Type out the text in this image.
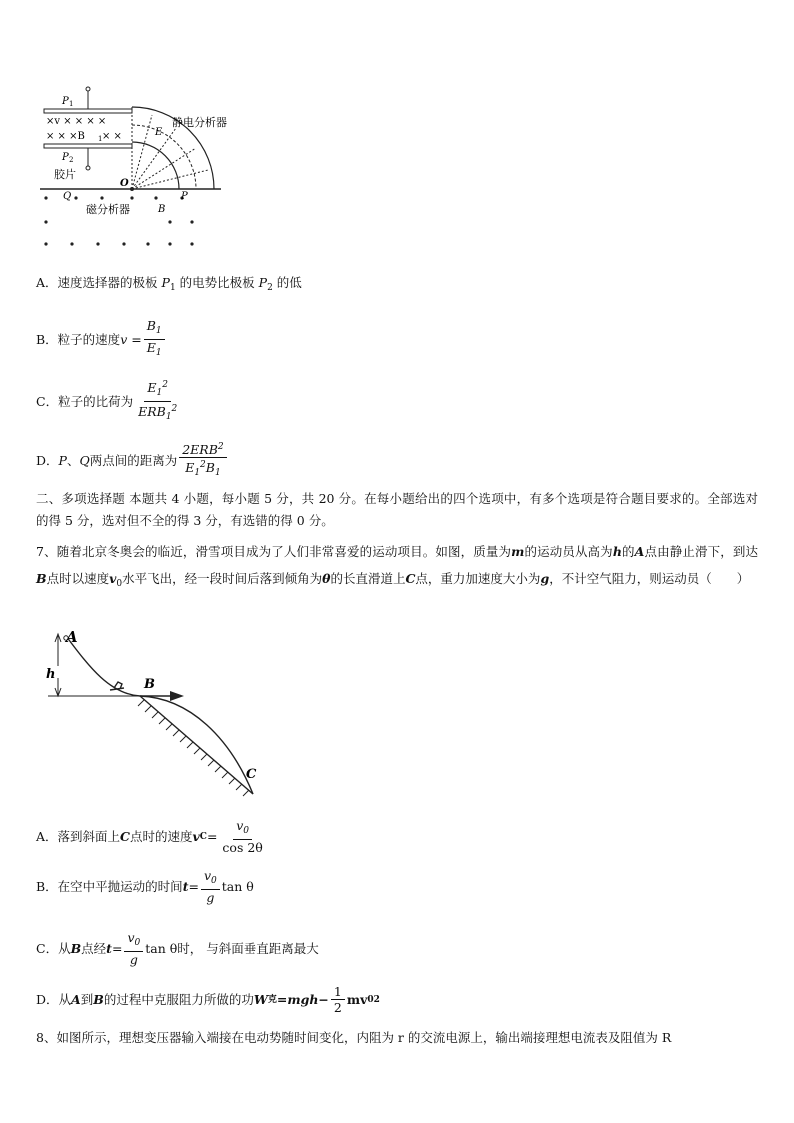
P 1
P 2
×v × × × ×
× × ×B 1 × ×	E
O
P
Q
B
静电分析器
胶片
磁分析器
A．速度选择器的极板 $P_1$ 的电势比极板 $P_2$ 的低
B．粒子的速度 $v = \frac{B_1}{E_1}$
C．粒子的比荷为 $\frac{E_1^2}{ERB_1^2}$
D． P 、 Q 两点间的距离为 $\frac{2ERB^2}{E_1^2B_1}$
二、多项选择题 本题共 4 小题，每小题 5 分，共 20 分。在每小题给出的四个选项中，有多个选项是符合题目要求的。全部选对的得 5 分，选对但不全的得 3 分，有选错的得 0 分。
7、随着北京冬奥会的临近，滑雪项目成为了人们非常喜爱的运动项目。如图，质量为m的运动员从高为h的A点由静止滑下，到达B点时以速度$v_0$水平飞出，经一段时间后落到倾角为θ的长直滑道上C点，重力加速度大小为g，不计空气阻力，则运动员（　　）
A
h
B
C
A．落到斜面上 C 点时的速度 v $C = \frac{v_0}{\cos 2\theta}$
B．在空中平抛运动的时间 $t = \frac{v_0}{g}$ tan θ
C．从 B 点经 $t = \frac{v_0}{g}$ tan θ 时， 与斜面垂直距离最大
D．从 A 到 B 的过程中克服阻力所做的功 W 克 $=mgh- \frac{1}{2}$ mv 0 2
8、如图所示，理想变压器输入端接在电动势随时间变化，内阻为 r 的交流电源上，输出端接理想电流表及阻值为 R
